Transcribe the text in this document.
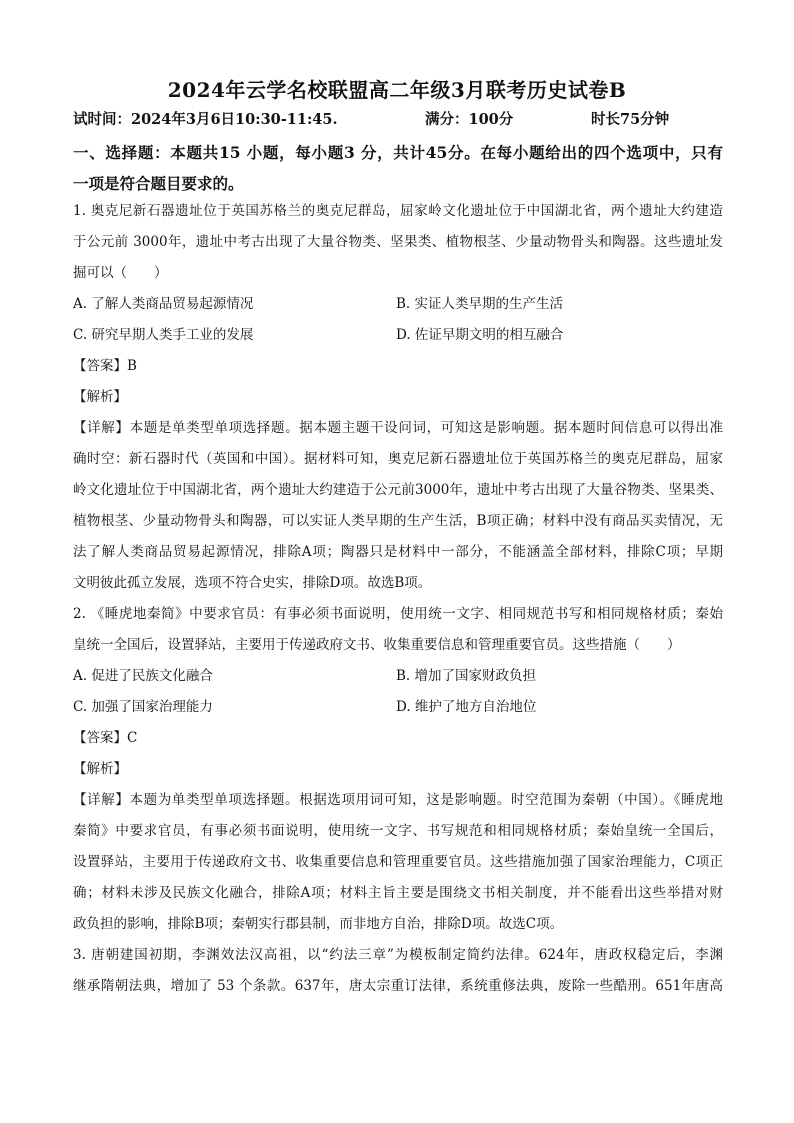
2024年云学名校联盟高二年级3月联考历史试卷B
试时间：2024年3月6日10:30-11:45.	满分：100分	时长75分钟
一、选择题：本题共15 小题，每小题3 分，共计45分。在每小题给出的四个选项中，只有
一项是符合题目要求的。
1. 奥克尼新石器遗址位于英国苏格兰的奥克尼群岛，屈家岭文化遗址位于中国湖北省，两个遗址大约建造
于公元前 3000年，遗址中考古出现了大量谷物类、坚果类、植物根茎、少量动物骨头和陶器。这些遗址发
掘可以（　　）
A. 了解人类商品贸易起源情况	B. 实证人类早期的生产生活
C. 研究早期人类手工业的发展	D. 佐证早期文明的相互融合
【答案】B
【解析】
【详解】本题是单类型单项选择题。据本题主题干设问词，可知这是影响题。据本题时间信息可以得出准
确时空：新石器时代（英国和中国）。据材料可知，奥克尼新石器遗址位于英国苏格兰的奥克尼群岛，屈家
岭文化遗址位于中国湖北省，两个遗址大约建造于公元前3000年，遗址中考古出现了大量谷物类、坚果类、
植物根茎、少量动物骨头和陶器，可以实证人类早期的生产生活，B项正确；材料中没有商品买卖情况，无
法了解人类商品贸易起源情况，排除A项；陶器只是材料中一部分，不能涵盖全部材料，排除C项；早期
文明彼此孤立发展，选项不符合史实，排除D项。故选B项。
2. 《睡虎地秦简》中要求官员：有事必须书面说明，使用统一文字、相同规范书写和相同规格材质；秦始
皇统一全国后，设置驿站，主要用于传递政府文书、收集重要信息和管理重要官员。这些措施（　　）
A. 促进了民族文化融合	B. 增加了国家财政负担
C. 加强了国家治理能力	D. 维护了地方自治地位
【答案】C
【解析】
【详解】本题为单类型单项选择题。根据选项用词可知，这是影响题。时空范围为秦朝（中国）。《睡虎地
秦简》中要求官员，有事必须书面说明，使用统一文字、书写规范和相同规格材质；秦始皇统一全国后，
设置驿站，主要用于传递政府文书、收集重要信息和管理重要官员。这些措施加强了国家治理能力，C项正
确；材料未涉及民族文化融合，排除A项；材料主旨主要是围绕文书相关制度，并不能看出这些举措对财
政负担的影响，排除B项；秦朝实行郡县制，而非地方自治，排除D项。故选C项。
3. 唐朝建国初期，李渊效法汉高祖，以“约法三章”为模板制定简约法律。624年，唐政权稳定后，李渊
继承隋朝法典，增加了 53 个条款。637年，唐太宗重订法律，系统重修法典，废除一些酷刑。651年唐高
